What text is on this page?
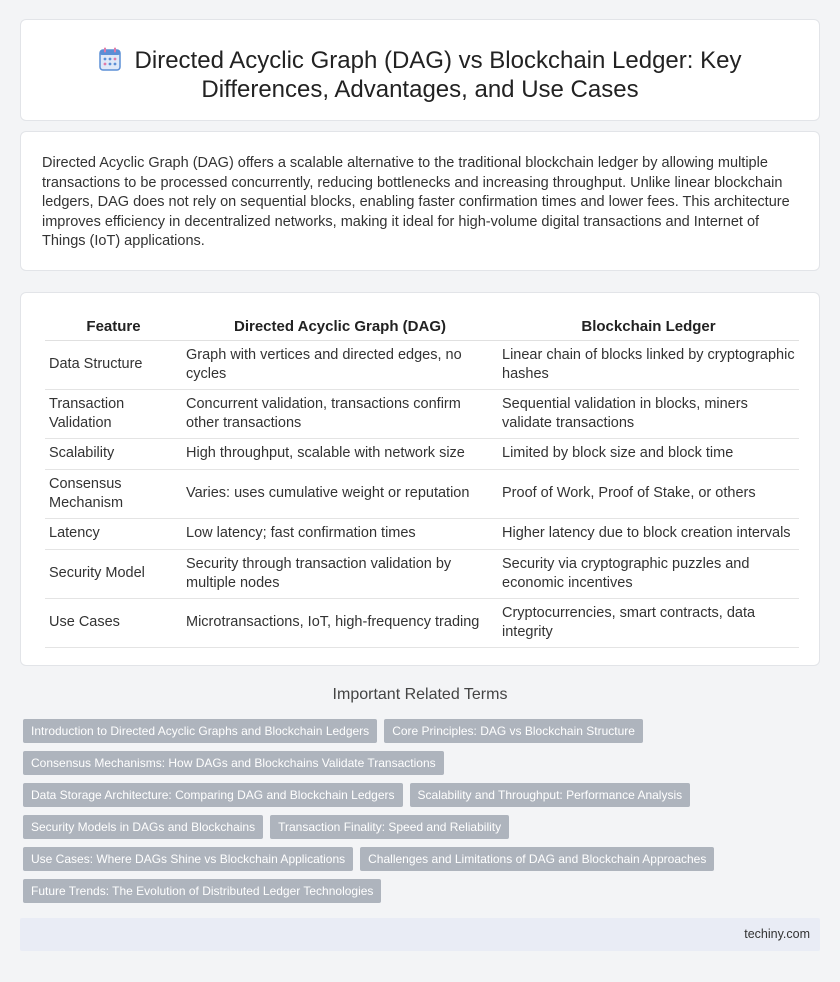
Directed Acyclic Graph (DAG) vs Blockchain Ledger: Key
Differences, Advantages, and Use Cases

Directed Acyclic Graph (DAG) offers a scalable alternative to the traditional blockchain ledger by allowing multiple transactions to be processed concurrently, reducing bottlenecks and increasing throughput. Unlike linear blockchain ledgers, DAG does not rely on sequential blocks, enabling faster confirmation times and lower fees. This architecture improves efficiency in decentralized networks, making it ideal for high-volume digital transactions and Internet of Things (IoT) applications.

Feature	Directed Acyclic Graph (DAG)	Blockchain Ledger
Data Structure	Graph with vertices and directed edges, no cycles	Linear chain of blocks linked by cryptographic hashes
Transaction Validation	Concurrent validation, transactions confirm other transactions	Sequential validation in blocks, miners validate transactions
Scalability	High throughput, scalable with network size	Limited by block size and block time
Consensus Mechanism	Varies: uses cumulative weight or reputation	Proof of Work, Proof of Stake, or others
Latency	Low latency; fast confirmation times	Higher latency due to block creation intervals
Security Model	Security through transaction validation by multiple nodes	Security via cryptographic puzzles and economic incentives
Use Cases	Microtransactions, IoT, high-frequency trading	Cryptocurrencies, smart contracts, data integrity
Important Related Terms
Introduction to Directed Acyclic Graphs and Blockchain Ledgers	Core Principles: DAG vs Blockchain Structure
Consensus Mechanisms: How DAGs and Blockchains Validate Transactions
Data Storage Architecture: Comparing DAG and Blockchain Ledgers	Scalability and Throughput: Performance Analysis
Security Models in DAGs and Blockchains	Transaction Finality: Speed and Reliability
Use Cases: Where DAGs Shine vs Blockchain Applications	Challenges and Limitations of DAG and Blockchain Approaches
Future Trends: The Evolution of Distributed Ledger Technologies
techiny.com
